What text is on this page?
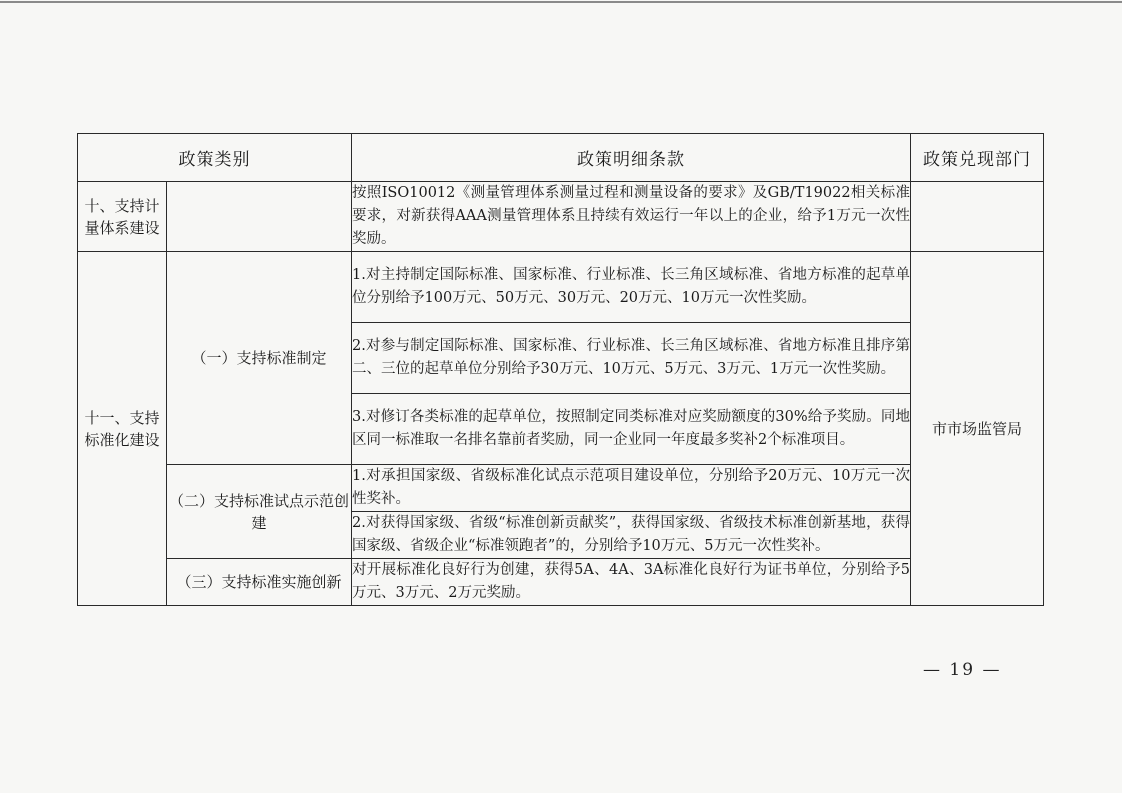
政策类别		政策明细条款	政策兑现部门
十、支持计量体系建设		按照ISO10012《测量管理体系测量过程和测量设备的要求》及GB/T19022相关标准要求，对新获得AAA测量管理体系且持续有效运行一年以上的企业，给予1万元一次性奖励。	
十一、支持标准化建设	（一）支持标准制定	1.对主持制定国际标准、国家标准、行业标准、长三角区域标准、省地方标准的起草单位分别给予100万元、50万元、30万元、20万元、10万元一次性奖励。	市市场监管局
		2.对参与制定国际标准、国家标准、行业标准、长三角区域标准、省地方标准且排序第二、三位的起草单位分别给予30万元、10万元、5万元、3万元、1万元一次性奖励。	
		3.对修订各类标准的起草单位，按照制定同类标准对应奖励额度的30%给予奖励。同地区同一标准取一名排名靠前者奖励，同一企业同一年度最多奖补2个标准项目。	
	（二）支持标准试点示范创建	1.对承担国家级、省级标准化试点示范项目建设单位，分别给予20万元、10万元一次性奖补。	
		2.对获得国家级、省级“标准创新贡献奖”，获得国家级、省级技术标准创新基地，获得国家级、省级企业“标准领跑者”的，分别给予10万元、5万元一次性奖补。	
	（三）支持标准实施创新	对开展标准化良好行为创建，获得5A、4A、3A标准化良好行为证书单位，分别给予5万元、3万元、2万元奖励。	
— 19 —
